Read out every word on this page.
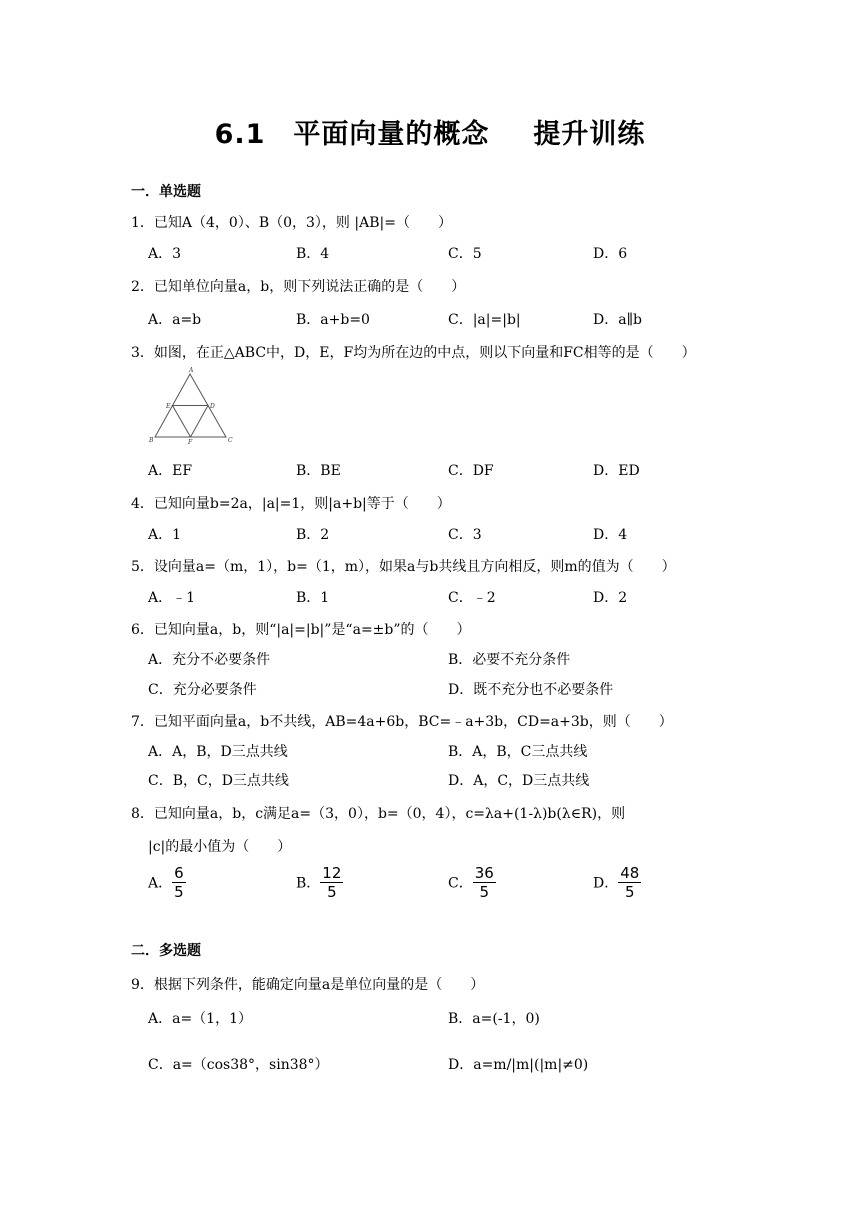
6.1　平面向量的概念 提升训练
一．单选题
1．已知A（4，0）、B（0，3），则 |AB|=（　　）
A．3	B．4	C．5	D．6
2．已知单位向量a，b，则下列说法正确的是（　　）
A．a=b	B．a+b=0	C．|a|=|b|	D．a∥b
3．如图，在正△ABC中，D，E，F均为所在边的中点，则以下向量和FC相等的是（　　）
A
B	C
D
E
F
A．EF	B．BE	C．DF	D．ED
4．已知向量b=2a，|a|=1，则|a+b|等于（　　）
A．1	B．2	C．3	D．4
5．设向量a=（m，1），b=（1，m），如果a与b共线且方向相反，则m的值为（　　）
A．﹣1	B．1	C．﹣2	D．2
6．已知向量a，b，则“|a|=|b|”是“a=±b”的（　　）
A．充分不必要条件	B．必要不充分条件
C．充分必要条件	D．既不充分也不必要条件
7．已知平面向量a，b不共线，AB=4a+6b，BC=﹣a+3b，CD=a+3b，则（　　）
A．A，B，D三点共线	B．A，B，C三点共线
C．B，C，D三点共线	D．A，C，D三点共线
8．已知向量a，b，c满足a=（3，0），b=（0，4），c=λa+(1-λ)b(λ∈R)，则
|c|的最小值为（　　）
A． $\frac{6}{5}$	B． $\frac{12}{5}$	C． $\frac{36}{5}$	D． $\frac{48}{5}$
二．多选题
9．根据下列条件，能确定向量a是单位向量的是（　　）
A．a=（1，1）	B．a=(-1，0)
C．a=（cos38°，sin38°）	D．a=m/|m|(|m|≠0)
